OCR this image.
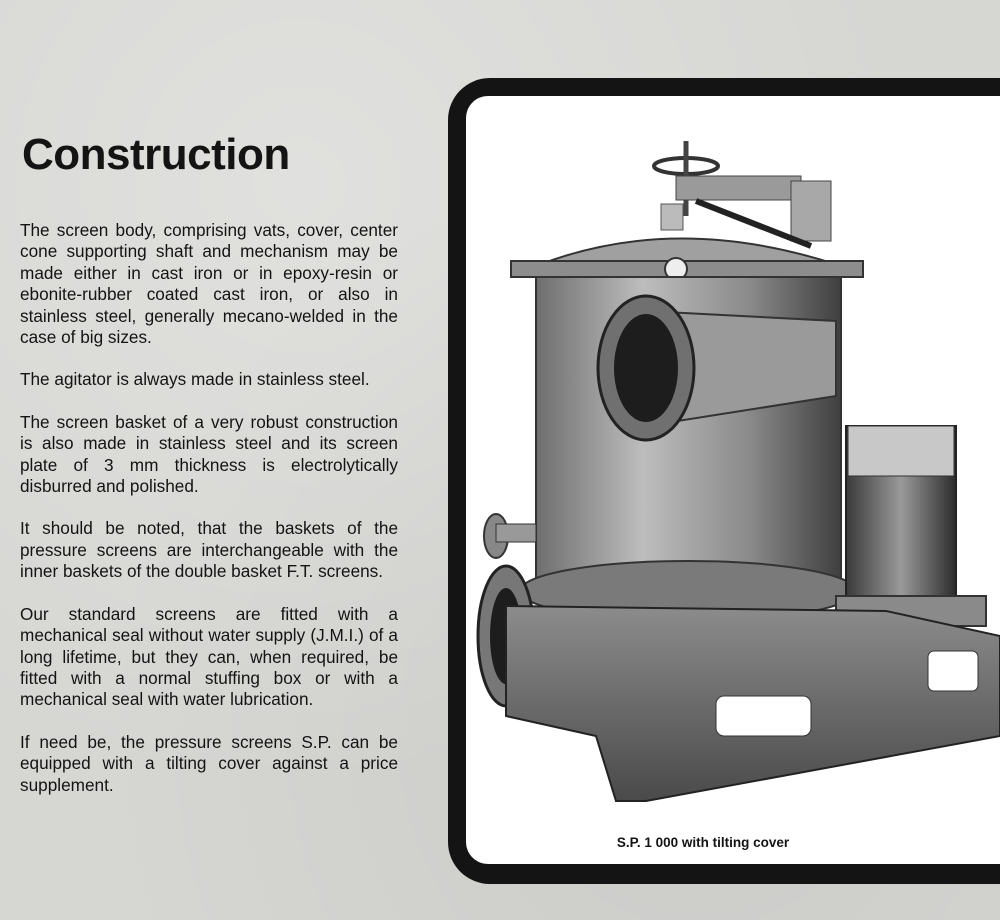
Construction

The screen body, comprising vats, cover, center cone supporting shaft and mechanism may be made either in cast iron or in epoxy-resin or ebonite-rubber coated cast iron, or also in stainless steel, generally mecano-welded in the case of big sizes.

The agitator is always made in stainless steel.

The screen basket of a very robust construction is also made in stainless steel and its screen plate of 3 mm thickness is electrolytically disburred and polished.

It should be noted, that the baskets of the pressure screens are interchangeable with the inner baskets of the double basket F.T. screens.

Our standard screens are fitted with a mechanical seal without water supply (J.M.I.) of a long lifetime, but they can, when required, be fitted with a normal stuffing box or with a mechanical seal with water lubrication.

If need be, the pressure screens S.P. can be equipped with a tilting cover against a price supplement.

S.P. 1 000 with tilting cover
